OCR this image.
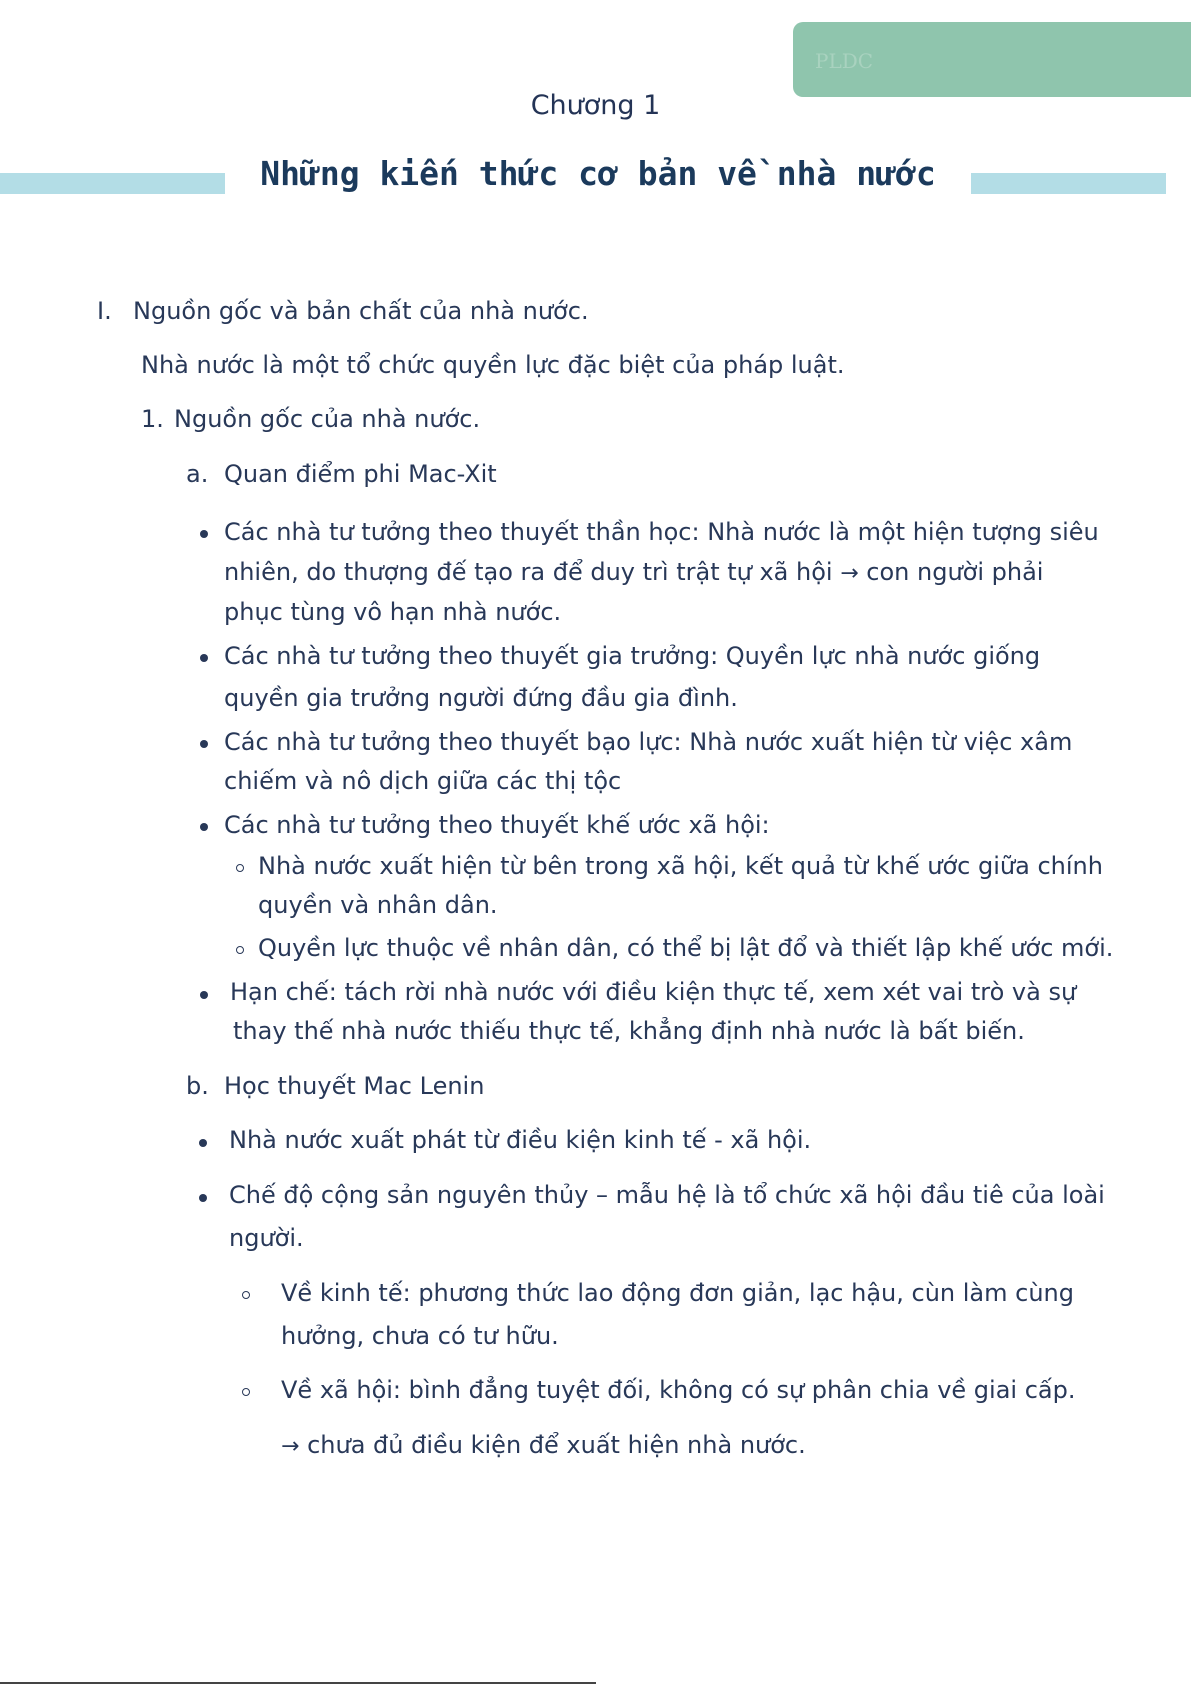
PLDC
Chương 1
Những kiến thức cơ bản về nhà nước
I. Nguồn gốc và bản chất của nhà nước.
Nhà nước là một tổ chức quyền lực đặc biệt của pháp luật.
1. Nguồn gốc của nhà nước.
a. Quan điểm phi Mac-Xit
Các nhà tư tưởng theo thuyết thần học: Nhà nước là một hiện tượng siêu
nhiên, do thượng đế tạo ra để duy trì trật tự xã hội → con người phải
phục tùng vô hạn nhà nước.
Các nhà tư tưởng theo thuyết gia trưởng: Quyền lực nhà nước giống
quyền gia trưởng người đứng đầu gia đình.
Các nhà tư tưởng theo thuyết bạo lực: Nhà nước xuất hiện từ việc xâm
chiếm và nô dịch giữa các thị tộc
Các nhà tư tưởng theo thuyết khế ước xã hội:
Nhà nước xuất hiện từ bên trong xã hội, kết quả từ khế ước giữa chính
quyền và nhân dân.
Quyền lực thuộc về nhân dân, có thể bị lật đổ và thiết lập khế ước mới.
Hạn chế: tách rời nhà nước với điều kiện thực tế, xem xét vai trò và sự
thay thế nhà nước thiếu thực tế, khẳng định nhà nước là bất biến.
b. Học thuyết Mac Lenin
Nhà nước xuất phát từ điều kiện kinh tế - xã hội.
Chế độ cộng sản nguyên thủy – mẫu hệ là tổ chức xã hội đầu tiê của loài
người.
Về kinh tế: phương thức lao động đơn giản, lạc hậu, cùn làm cùng
hưởng, chưa có tư hữu.
Về xã hội: bình đẳng tuyệt đối, không có sự phân chia về giai cấp.
→ chưa đủ điều kiện để xuất hiện nhà nước.
